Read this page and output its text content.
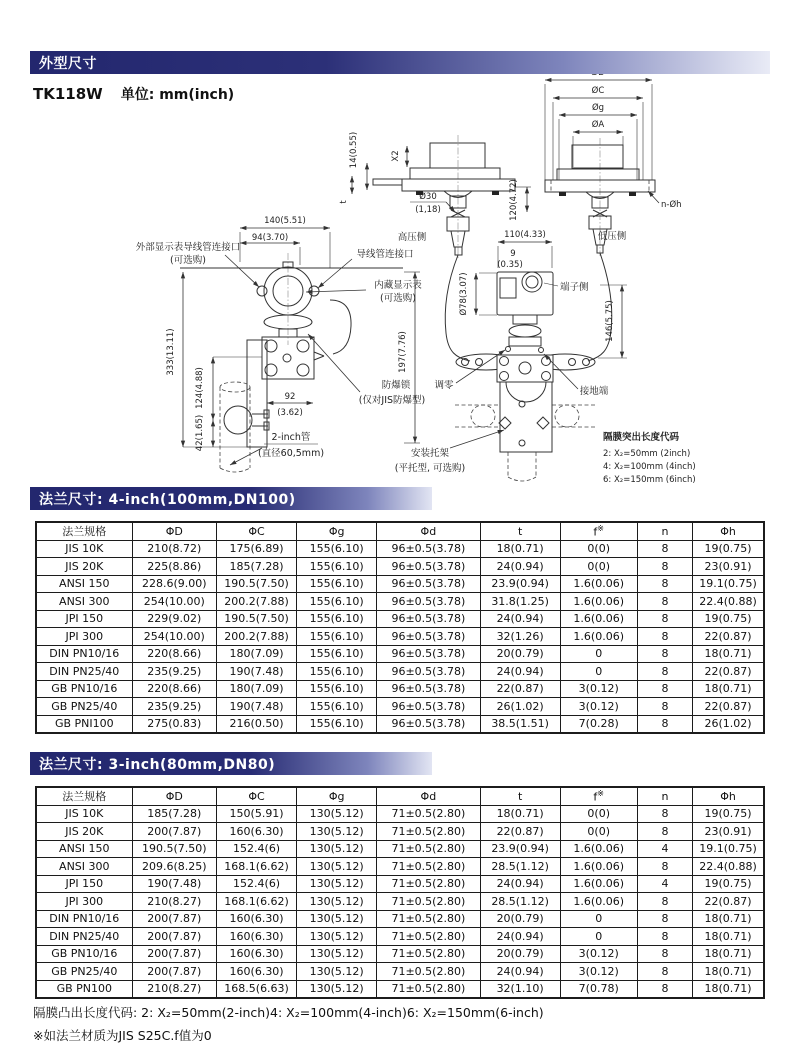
14(0.55)	X2
t	Ø30
(1,18)	120(4.72)
高压侧
ØC
Øg
ØA
n-Øh
低压侧
140(5.51)
94(3.70)
外部显示表导线管连接口
(可选购)
导线管连接口
内藏显示表
(可选购)
92
(3.62)
2-inch管
(直径60,5mm)
333(13.11)
124(4.88)
42(1.65)
197(7.76)
防爆锁
(仅对JIS防爆型)
110(4.33)
9
(0.35)
端子侧
Ø78(3.07)
146(5.75)
调零
接地端
安装托架
(平托型, 可选购)
隔膜突出长度代码
2: X₂=50mm (2inch)
4: X₂=100mm (4inch)
6: X₂=150mm (6inch)
外型尺寸
TK118W 单位: mm(inch)
法兰尺寸: 4-inch(100mm,DN100)
法兰规格	ΦD	ΦC	Φg	Φd	t	f※	n	Φh
JIS 10K	210(8.72)	175(6.89)	155(6.10)	96±0.5(3.78)	18(0.71)	0(0)	8	19(0.75)
JIS 20K	225(8.86)	185(7.28)	155(6.10)	96±0.5(3.78)	24(0.94)	0(0)	8	23(0.91)
ANSI 150	228.6(9.00)	190.5(7.50)	155(6.10)	96±0.5(3.78)	23.9(0.94)	1.6(0.06)	8	19.1(0.75)
ANSI 300	254(10.00)	200.2(7.88)	155(6.10)	96±0.5(3.78)	31.8(1.25)	1.6(0.06)	8	22.4(0.88)
JPI 150	229(9.02)	190.5(7.50)	155(6.10)	96±0.5(3.78)	24(0.94)	1.6(0.06)	8	19(0.75)
JPI 300	254(10.00)	200.2(7.88)	155(6.10)	96±0.5(3.78)	32(1.26)	1.6(0.06)	8	22(0.87)
DIN PN10/16	220(8.66)	180(7.09)	155(6.10)	96±0.5(3.78)	20(0.79)	0	8	18(0.71)
DIN PN25/40	235(9.25)	190(7.48)	155(6.10)	96±0.5(3.78)	24(0.94)	0	8	22(0.87)
GB PN10/16	220(8.66)	180(7.09)	155(6.10)	96±0.5(3.78)	22(0.87)	3(0.12)	8	18(0.71)
GB PN25/40	235(9.25)	190(7.48)	155(6.10)	96±0.5(3.78)	26(1.02)	3(0.12)	8	22(0.87)
GB PNI100	275(0.83)	216(0.50)	155(6.10)	96±0.5(3.78)	38.5(1.51)	7(0.28)	8	26(1.02)
法兰尺寸: 3-inch(80mm,DN80)
法兰规格	ΦD	ΦC	Φg	Φd	t	f※	n	Φh
JIS 10K	185(7.28)	150(5.91)	130(5.12)	71±0.5(2.80)	18(0.71)	0(0)	8	19(0.75)
JIS 20K	200(7.87)	160(6.30)	130(5.12)	71±0.5(2.80)	22(0.87)	0(0)	8	23(0.91)
ANSI 150	190.5(7.50)	152.4(6)	130(5.12)	71±0.5(2.80)	23.9(0.94)	1.6(0.06)	4	19.1(0.75)
ANSI 300	209.6(8.25)	168.1(6.62)	130(5.12)	71±0.5(2.80)	28.5(1.12)	1.6(0.06)	8	22.4(0.88)
JPI 150	190(7.48)	152.4(6)	130(5.12)	71±0.5(2.80)	24(0.94)	1.6(0.06)	4	19(0.75)
JPI 300	210(8.27)	168.1(6.62)	130(5.12)	71±0.5(2.80)	28.5(1.12)	1.6(0.06)	8	22(0.87)
DIN PN10/16	200(7.87)	160(6.30)	130(5.12)	71±0.5(2.80)	20(0.79)	0	8	18(0.71)
DIN PN25/40	200(7.87)	160(6.30)	130(5.12)	71±0.5(2.80)	24(0.94)	0	8	18(0.71)
GB PN10/16	200(7.87)	160(6.30)	130(5.12)	71±0.5(2.80)	20(0.79)	3(0.12)	8	18(0.71)
GB PN25/40	200(7.87)	160(6.30)	130(5.12)	71±0.5(2.80)	24(0.94)	3(0.12)	8	18(0.71)
GB PN100	210(8.27)	168.5(6.63)	130(5.12)	71±0.5(2.80)	32(1.10)	7(0.78)	8	18(0.71)
隔膜凸出长度代码: 2: X₂=50mm(2-inch)4: X₂=100mm(4-inch)6: X₂=150mm(6-inch)
※如法兰材质为JIS S25C.f值为0
